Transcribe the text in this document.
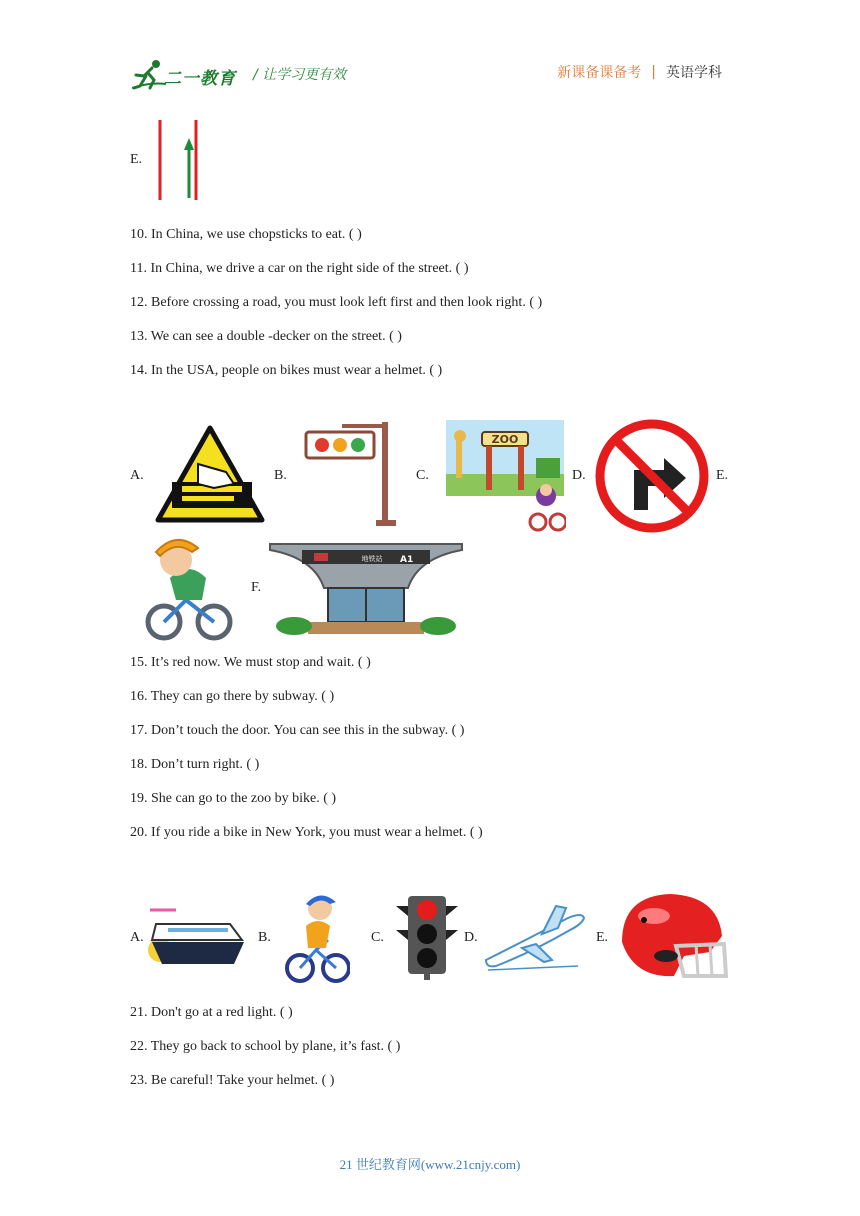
二一教育 / 让学习更有效	新课备课备考 | 英语学科
E.
10. In China, we use chopsticks to eat. ( )
11. In China, we drive a car on the right side of the street. ( )
12. Before crossing a road, you must look left first and then look right. ( )
13. We can see a double -decker on the street. ( )
14. In the USA, people on bikes must wear a helmet. ( )
A.	B.	C.
ZOO
D.	E.
F.
地铁站 A1
15. It’s red now. We must stop and wait. ( )
16. They can go there by subway. ( )
17. Don’t touch the door. You can see this in the subway. ( )
18. Don’t turn right. ( )
19. She can go to the zoo by bike. ( )
20. If you ride a bike in New York, you must wear a helmet. ( )
A.	B.	C.	D.	E.
21. Don't go at a red light. ( )
22. They go back to school by plane, it’s fast. ( )
23. Be careful! Take your helmet. ( )
21 世纪教育网(www.21cnjy.com)
